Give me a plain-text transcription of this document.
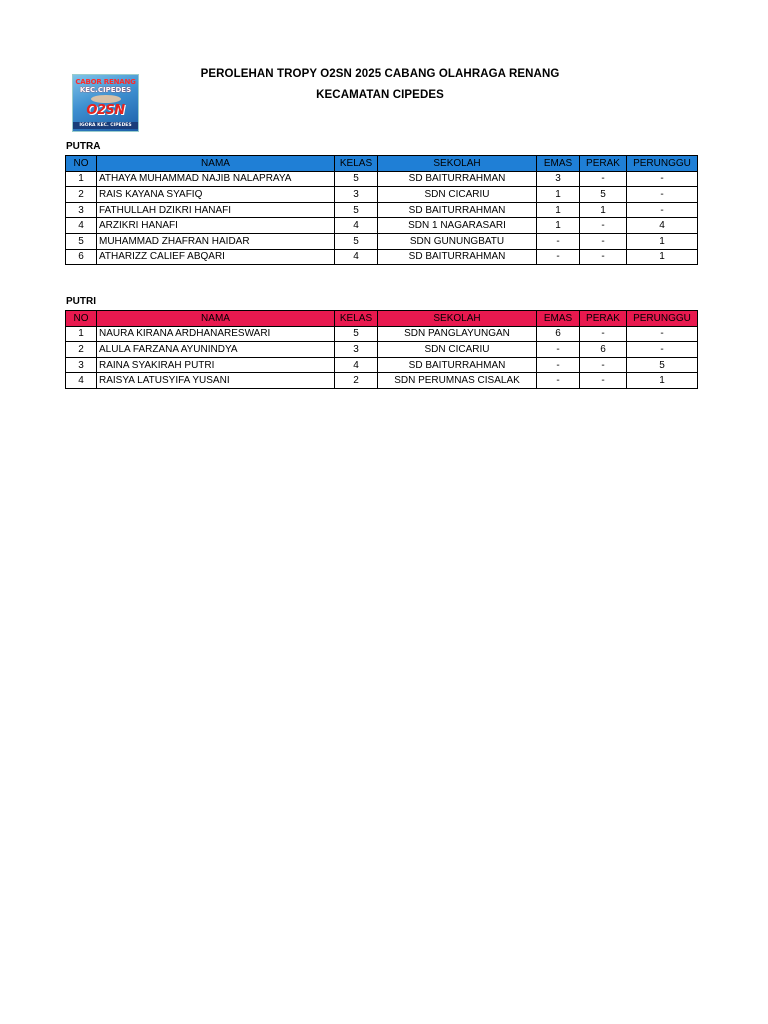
CABOR RENANG
KEC.CIPEDES
O2SN
IGORA KEC. CIPEDES
PEROLEHAN TROPY O2SN 2025 CABANG OLAHRAGA RENANG
KECAMATAN CIPEDES
PUTRA
NO	NAMA	KELAS	SEKOLAH	EMAS	PERAK	PERUNGGU
1	ATHAYA MUHAMMAD NAJIB NALAPRAYA	5	SD BAITURRAHMAN	3	-	-
2	RAIS KAYANA SYAFIQ	3	SDN CICARIU	1	5	-
3	FATHULLAH DZIKRI HANAFI	5	SD BAITURRAHMAN	1	1	-
4	ARZIKRI HANAFI	4	SDN 1 NAGARASARI	1	-	4
5	MUHAMMAD ZHAFRAN HAIDAR	5	SDN GUNUNGBATU	-	-	1
6	ATHARIZZ CALIEF ABQARI	4	SD BAITURRAHMAN	-	-	1
PUTRI
NO	NAMA	KELAS	SEKOLAH	EMAS	PERAK	PERUNGGU
1	NAURA KIRANA ARDHANARESWARI	5	SDN PANGLAYUNGAN	6	-	-
2	ALULA FARZANA AYUNINDYA	3	SDN CICARIU	-	6	-
3	RAINA SYAKIRAH PUTRI	4	SD BAITURRAHMAN	-	-	5
4	RAISYA LATUSYIFA YUSANI	2	SDN PERUMNAS CISALAK	-	-	1
